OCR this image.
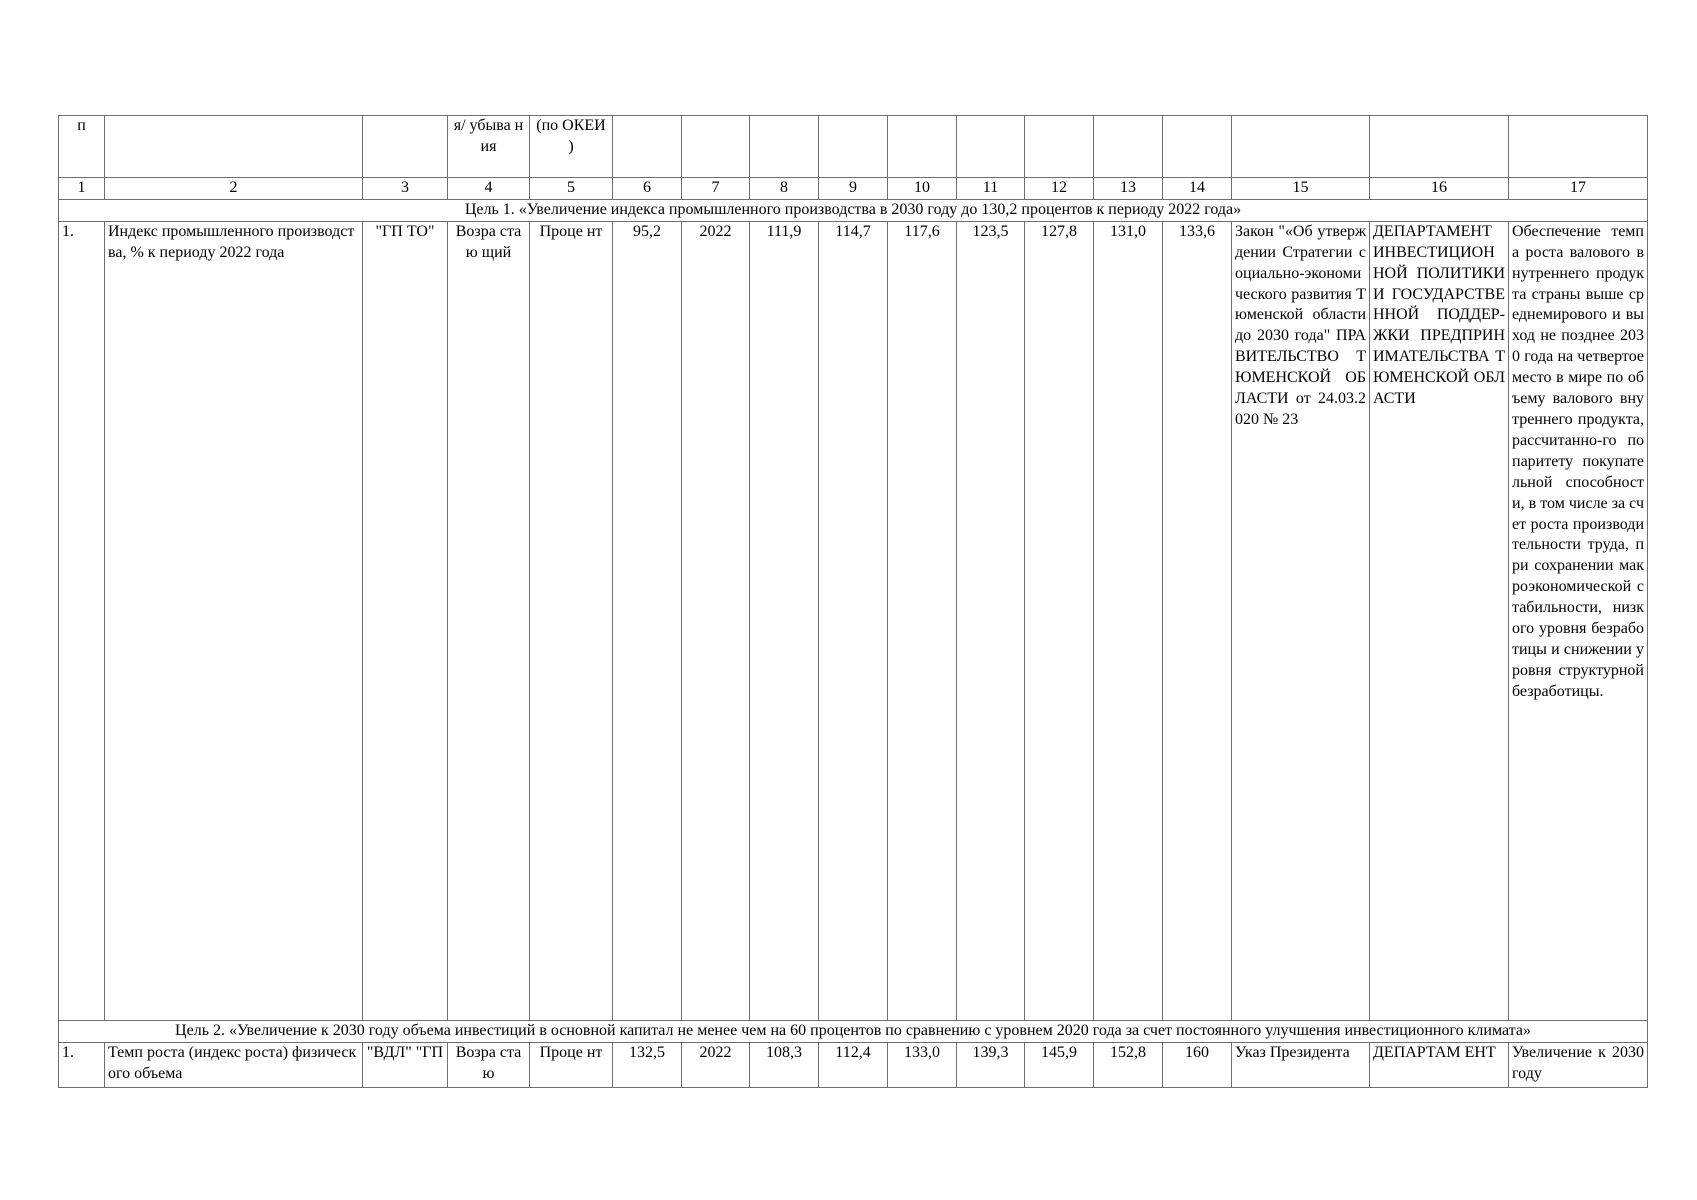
п			я/ убыва ния	(по ОКЕИ )												
1	2	3	4	5	6	7	8	9	10	11	12	13	14	15	16	17
Цель 1. «Увеличение индекса промышленного производства в 2030 году до 130,2 процентов к периоду 2022 года»																
1.	Индекс промышленного производства, % к периоду 2022 года	"ГП ТО"	Возра стаю щий	Проце нт	95,2	2022	111,9	114,7	117,6	123,5	127,8	131,0	133,6	Закон "«Об утверждении Стратегии социально-экономического развития Тюменской области до 2030 года" ПРАВИТЕЛЬСТВО ТЮМЕНСКОЙ ОБЛАСТИ от 24.03.2020 № 23	ДЕПАРТАМЕНТ ИНВЕСТИЦИОННОЙ ПОЛИТИКИ И ГОСУДАРСТВЕННОЙ ПОДДЕР-ЖКИ ПРЕДПРИНИМАТЕЛЬСТВА ТЮМЕНСКОЙ ОБЛАСТИ	Обеспечение темпа роста валового внутреннего продукта страны выше среднемирового и выход не позднее 2030 года на четвертое место в мире по объему валового внутреннего продукта, рассчитанно-го по паритету покупательной способности, в том числе за счет роста производительности труда, при сохранении макроэкономической стабильности, низкого уровня безработицы и снижении уровня структурной безработицы.
Цель 2. «Увеличение к 2030 году объема инвестиций в основной капитал не менее чем на 60 процентов по сравнению с уровнем 2020 года за счет постоянного улучшения инвестиционного климата»																
1.	Темп роста (индекс роста) физического объема	"ВДЛ" "ГП	Возра стаю	Проце нт	132,5	2022	108,3	112,4	133,0	139,3	145,9	152,8	160	Указ Президента	ДЕПАРТАМ ЕНТ	Увеличение к 2030 году
